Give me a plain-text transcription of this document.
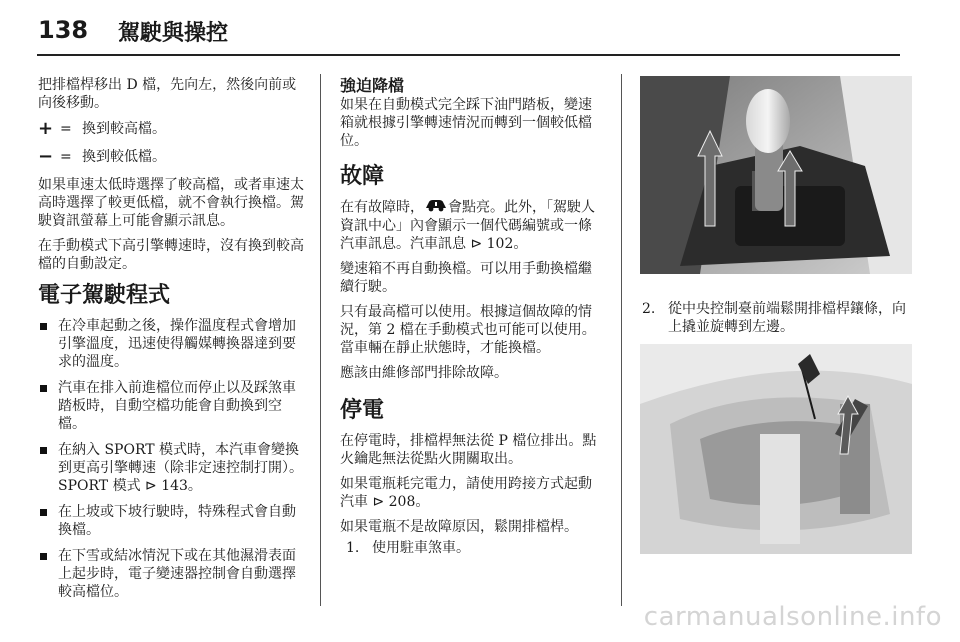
138 駕駛與操控

把排檔桿移出 D 檔，先向左，然後向前或向後移動。

+ = 換到較高檔。
− = 換到較低檔。

如果車速太低時選擇了較高檔，或者車速太高時選擇了較更低檔，就不會執行換檔。駕駛資訊螢幕上可能會顯示訊息。

在手動模式下高引擎轉速時，沒有換到較高檔的自動設定。

電子駕駛程式
在冷車起動之後，操作溫度程式會增加引擎溫度，迅速使得觸媒轉換器達到要求的溫度。
汽車在排入前進檔位而停止以及踩煞車踏板時，自動空檔功能會自動換到空檔。
在納入 SPORT 模式時，本汽車會變換到更高引擎轉速（除非定速控制打開）。SPORT 模式 ⊳ 143。
在上坡或下坡行駛時，特殊程式會自動換檔。
在下雪或結冰情況下或在其他濕滑表面上起步時，電子變速器控制會自動選擇較高檔位。
強迫降檔

如果在自動模式完全踩下油門踏板，變速箱就根據引擎轉速情況而轉到一個較低檔位。

故障

在有故障時， 會點亮。此外，「駕駛人資訊中心」內會顯示一個代碼編號或一條汽車訊息。汽車訊息 ⊳ 102。

變速箱不再自動換檔。可以用手動換檔繼續行駛。

只有最高檔可以使用。根據這個故障的情況，第 2 檔在手動模式也可能可以使用。當車輛在靜止狀態時，才能換檔。

應該由維修部門排除故障。

停電

在停電時，排檔桿無法從 P 檔位排出。點火鑰匙無法從點火開關取出。

如果電瓶耗完電力，請使用跨接方式起動汽車 ⊳ 208。

如果電瓶不是故障原因，鬆開排檔桿。

1. 使用駐車煞車。
2. 從中央控制臺前端鬆開排檔桿鑲條，向上撬並旋轉到左邊。
carmanualsonline.info
